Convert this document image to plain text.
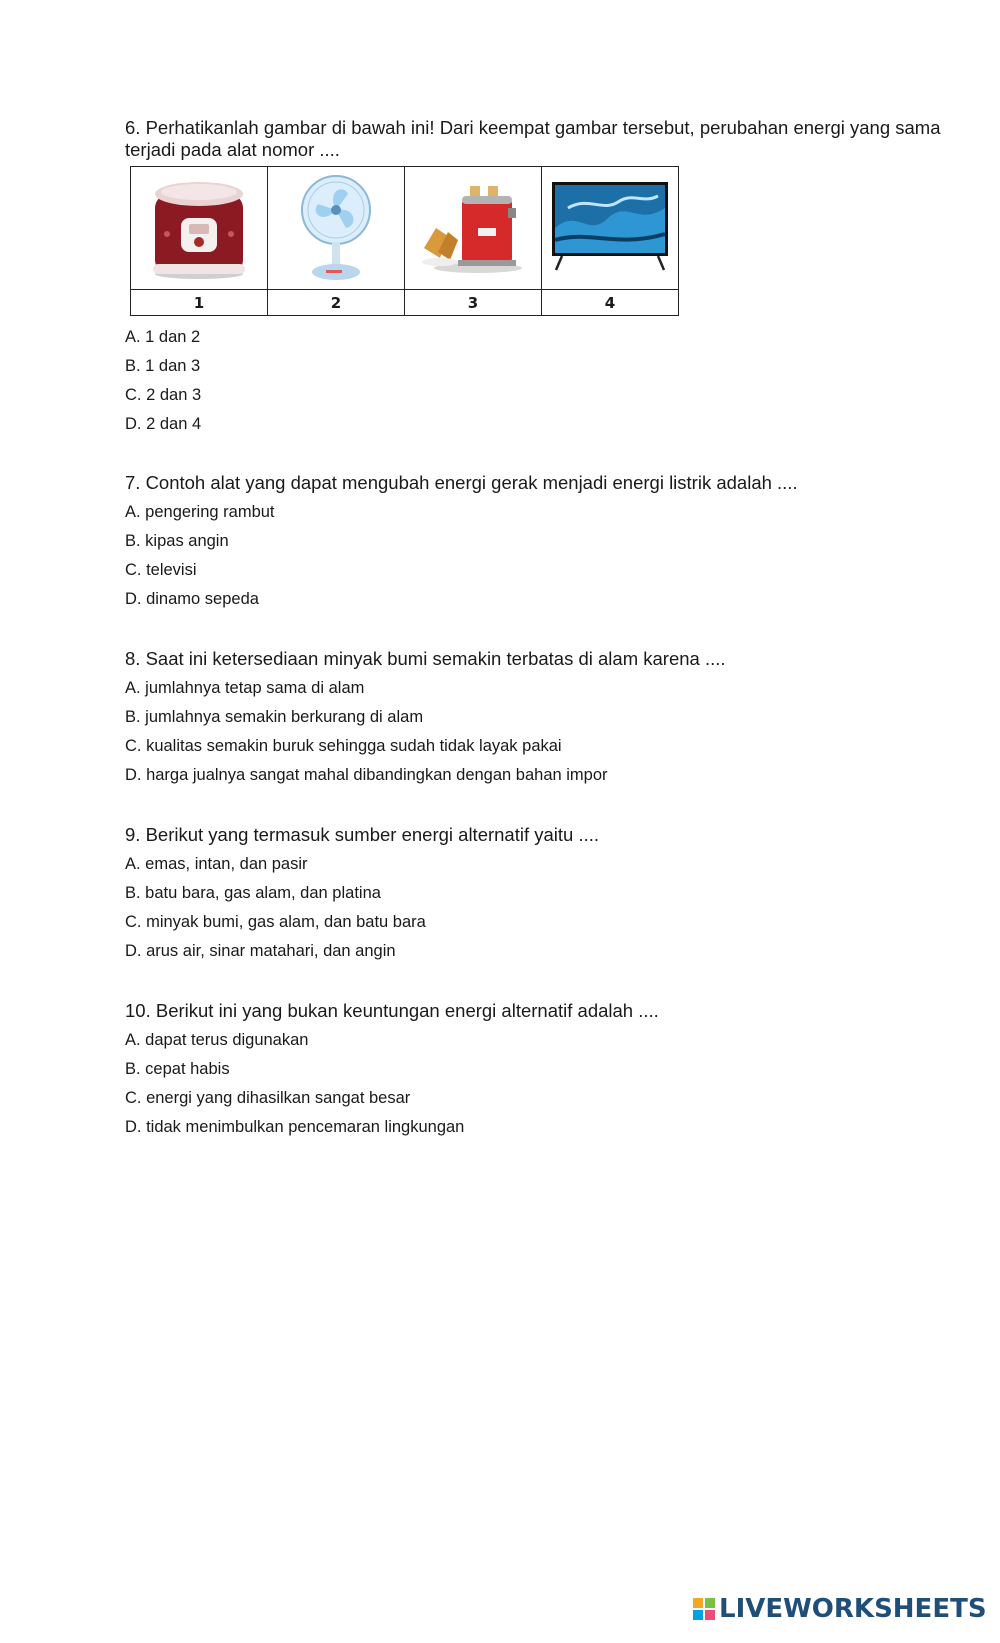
6. Perhatikanlah gambar di bawah ini! Dari keempat gambar tersebut, perubahan energi yang sama terjadi pada alat nomor ....

1	2	3	4

A. 1 dan 2

B. 1 dan 3

C. 2 dan 3

D. 2 dan 4

7. Contoh alat yang dapat mengubah energi gerak menjadi energi listrik adalah ....

A. pengering rambut

B. kipas angin

C. televisi

D. dinamo sepeda

8. Saat ini ketersediaan minyak bumi semakin terbatas di alam karena ....

A. jumlahnya tetap sama di alam

B. jumlahnya semakin berkurang di alam

C. kualitas semakin buruk sehingga sudah tidak layak pakai

D. harga jualnya sangat mahal dibandingkan dengan bahan impor

9. Berikut yang termasuk sumber energi alternatif yaitu ....

A. emas, intan, dan pasir

B. batu bara, gas alam, dan platina

C. minyak bumi, gas alam, dan batu bara

D. arus air, sinar matahari, dan angin

10. Berikut ini yang bukan keuntungan energi alternatif adalah ....

A. dapat terus digunakan

B. cepat habis

C. energi yang dihasilkan sangat besar

D. tidak menimbulkan pencemaran lingkungan

LIVEWORKSHEETS
